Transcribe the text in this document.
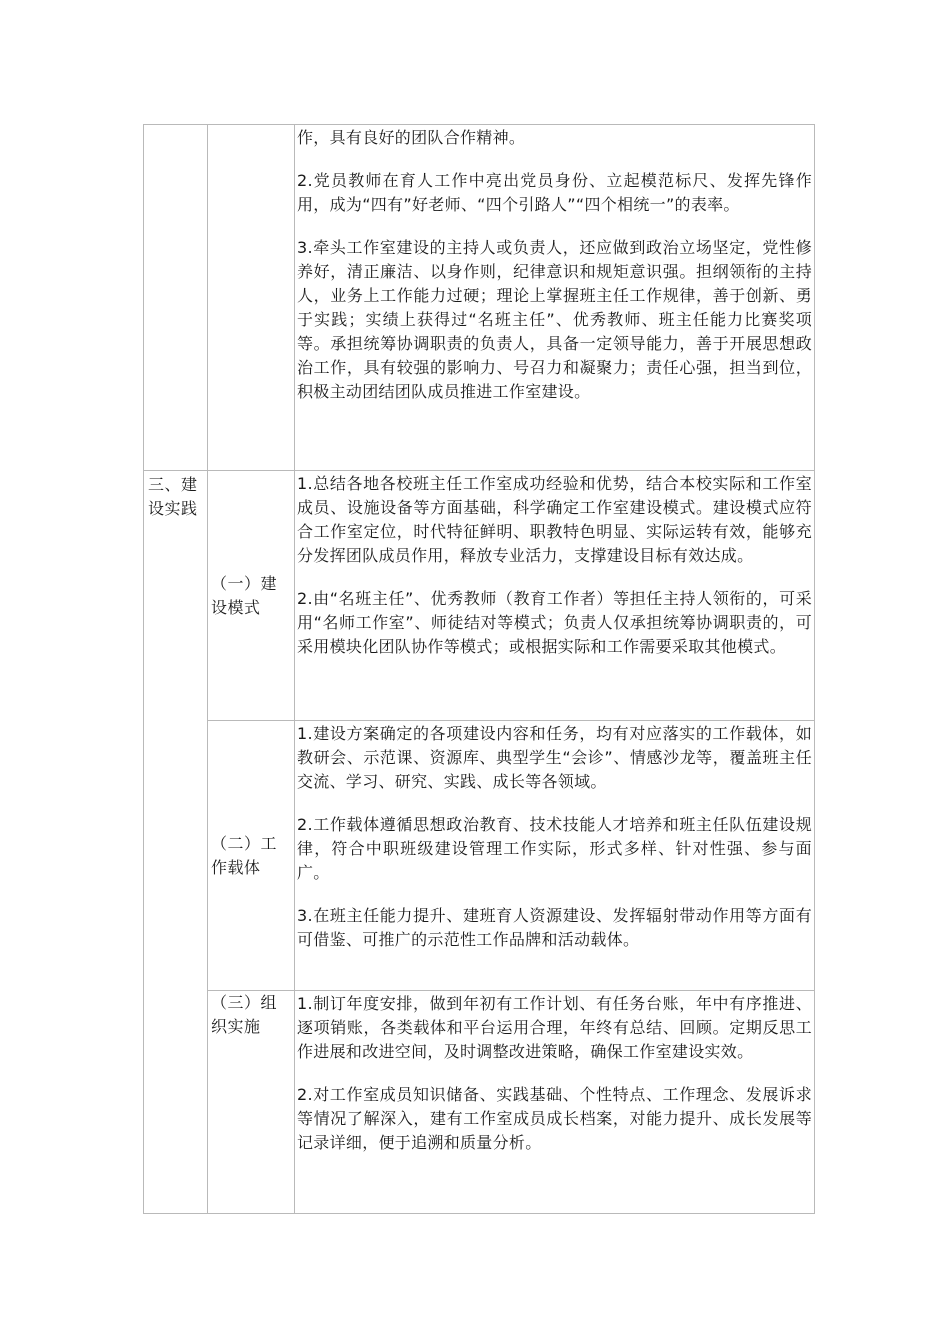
作，具有良好的团队合作精神。

2.党员教师在育人工作中亮出党员身份、立起模范标尺、发挥先锋作用，成为“四有”好老师、“四个引路人”“四个相统一”的表率。

3.牵头工作室建设的主持人或负责人，还应做到政治立场坚定，党性修养好，清正廉洁、以身作则，纪律意识和规矩意识强。担纲领衔的主持人，业务上工作能力过硬；理论上掌握班主任工作规律，善于创新、勇于实践；实绩上获得过“名班主任”、优秀教师、班主任能力比赛奖项等。承担统筹协调职责的负责人，具备一定领导能力，善于开展思想政治工作，具有较强的影响力、号召力和凝聚力；责任心强，担当到位，积极主动团结团队成员推进工作室建设。

三、建设实践
（一）建设模式

1.总结各地各校班主任工作室成功经验和优势，结合本校实际和工作室成员、设施设备等方面基础，科学确定工作室建设模式。建设模式应符合工作室定位，时代特征鲜明、职教特色明显、实际运转有效，能够充分发挥团队成员作用，释放专业活力，支撑建设目标有效达成。

2.由“名班主任”、优秀教师（教育工作者）等担任主持人领衔的，可采用“名师工作室”、师徒结对等模式；负责人仅承担统筹协调职责的，可采用模块化团队协作等模式；或根据实际和工作需要采取其他模式。

（二）工作载体

1.建设方案确定的各项建设内容和任务，均有对应落实的工作载体，如教研会、示范课、资源库、典型学生“会诊”、情感沙龙等，覆盖班主任交流、学习、研究、实践、成长等各领域。

2.工作载体遵循思想政治教育、技术技能人才培养和班主任队伍建设规律，符合中职班级建设管理工作实际，形式多样、针对性强、参与面广。

3.在班主任能力提升、建班育人资源建设、发挥辐射带动作用等方面有可借鉴、可推广的示范性工作品牌和活动载体。

（三）组织实施

1.制订年度安排，做到年初有工作计划、有任务台账，年中有序推进、逐项销账，各类载体和平台运用合理，年终有总结、回顾。定期反思工作进展和改进空间，及时调整改进策略，确保工作室建设实效。

2.对工作室成员知识储备、实践基础、个性特点、工作理念、发展诉求等情况了解深入，建有工作室成员成长档案，对能力提升、成长发展等记录详细，便于追溯和质量分析。
